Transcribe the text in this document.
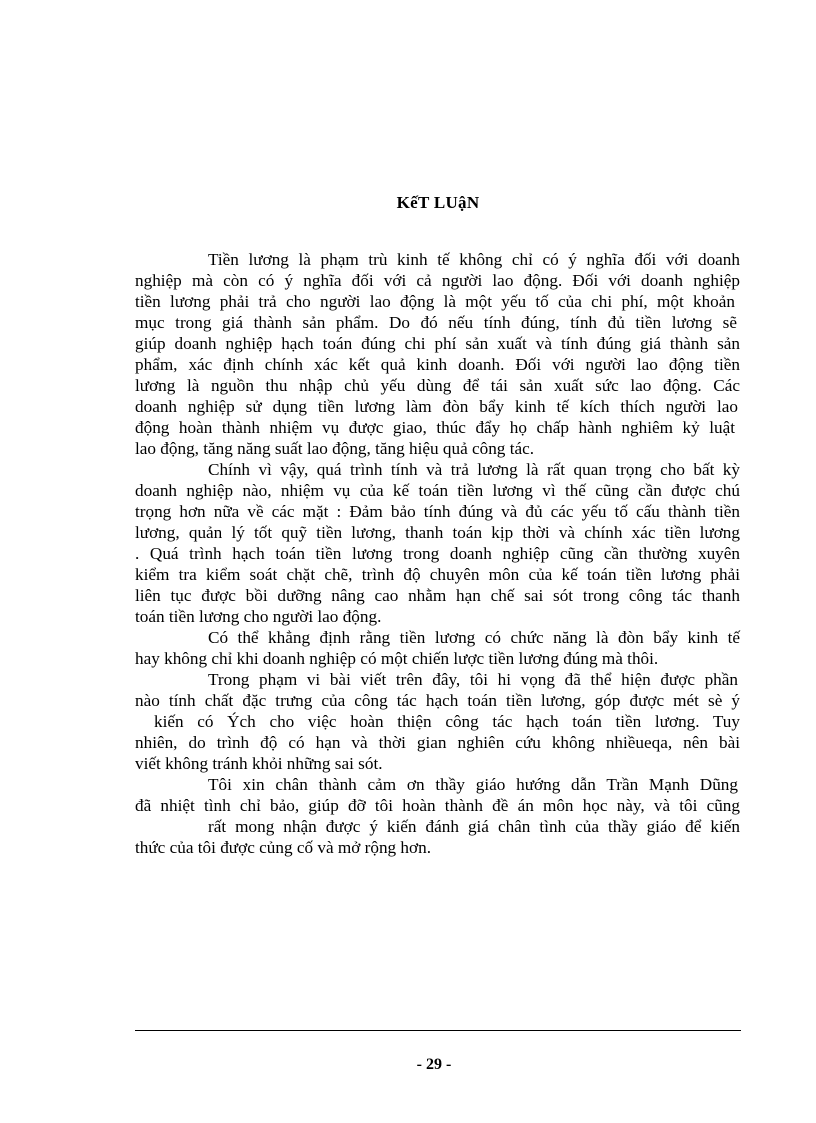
KếT LUậN
Tiền lương là phạm trù kinh tế không chỉ có ý nghĩa đối với doanh
nghiệp mà còn có ý nghĩa đối với cả người lao động. Đối với doanh nghiệp
tiền lương phải trả cho người lao động là một yếu tố của chi phí, một khoản
mục trong giá thành sản phẩm. Do đó nếu tính đúng, tính đủ tiền lương sẽ
giúp doanh nghiệp hạch toán đúng chi phí sản xuất và tính đúng giá thành sản
phẩm, xác định chính xác kết quả kinh doanh. Đối với người lao động tiền
lương là nguồn thu nhập chủ yếu dùng để tái sản xuất sức lao động. Các
doanh nghiệp sử dụng tiền lương làm đòn bẩy kinh tế kích thích người lao
động hoàn thành nhiệm vụ được giao, thúc đẩy họ chấp hành nghiêm kỷ luật
lao động, tăng năng suất lao động, tăng hiệu quả công tác.
Chính vì vậy, quá trình tính và trả lương là rất quan trọng cho bất kỳ
doanh nghiệp nào, nhiệm vụ của kế toán tiền lương vì thế cũng cần được chú
trọng hơn nữa về các mặt : Đảm bảo tính đúng và đủ các yếu tố cấu thành tiền
lương, quản lý tốt quỹ tiền lương, thanh toán kịp thời và chính xác tiền lương
. Quá trình hạch toán tiền lương trong doanh nghiệp cũng cần thường xuyên
kiểm tra kiểm soát chặt chẽ, trình độ chuyên môn của kế toán tiền lương phải
liên tục được bồi dưỡng nâng cao nhằm hạn chế sai sót trong công tác thanh
toán tiền lương cho người lao động.
Có thể khẳng định rằng tiền lương có chức năng là đòn bẩy kinh tế
hay không chỉ khi doanh nghiệp có một chiến lược tiền lương đúng mà thôi.
Trong phạm vi bài viết trên đây, tôi hi vọng đã thể hiện được phần
nào tính chất đặc trưng của công tác hạch toán tiền lương, góp được mét sè ý
kiến có Ých cho việc hoàn thiện công tác hạch toán tiền lương. Tuy
nhiên, do trình độ có hạn và thời gian nghiên cứu không nhiềueqa, nên bài
viết không tránh khỏi những sai sót.
Tôi xin chân thành cảm ơn thầy giáo hướng dẫn Trần Mạnh Dũng
đã nhiệt tình chỉ bảo, giúp đỡ tôi hoàn thành đề án môn học này, và tôi cũng
rất mong nhận được ý kiến đánh giá chân tình của thầy giáo để kiến
thức của tôi được củng cố và mở rộng hơn.
- 29 -
